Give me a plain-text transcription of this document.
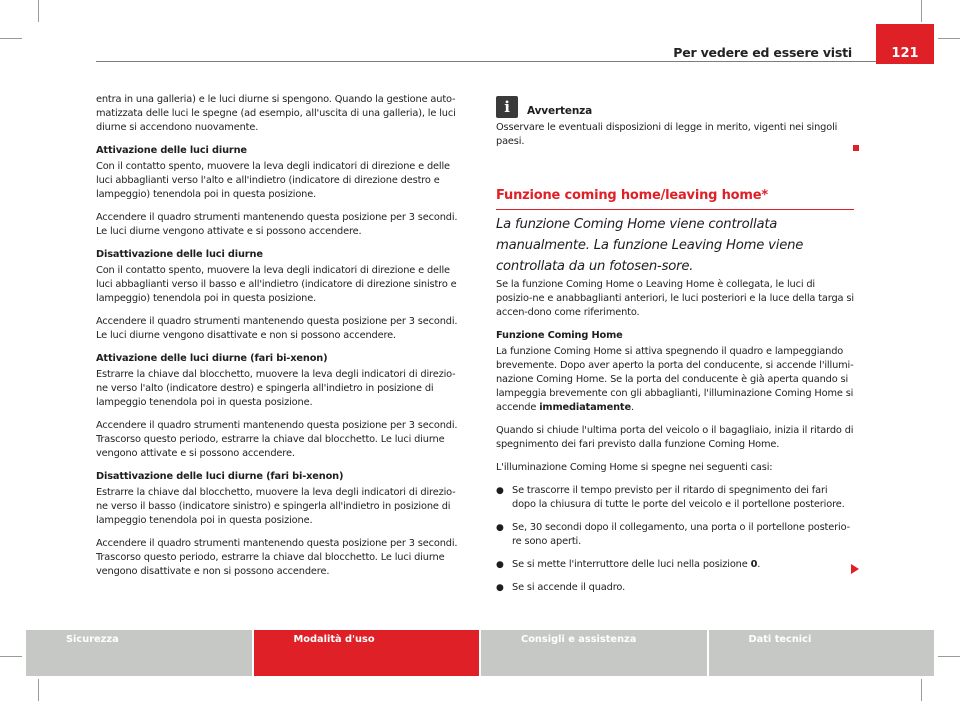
Per vedere ed essere visti	121

entra in una galleria) e le luci diurne si spengono. Quando la gestione auto-matizzata delle luci le spegne (ad esempio, all'uscita di una galleria), le luci diurne si accendono nuovamente.

Attivazione delle luci diurne

Con il contatto spento, muovere la leva degli indicatori di direzione e delle luci abbaglianti verso l'alto e all'indietro (indicatore di direzione destro e lampeggio) tenendola poi in questa posizione.

Accendere il quadro strumenti mantenendo questa posizione per 3 secondi. Le luci diurne vengono attivate e si possono accendere.

Disattivazione delle luci diurne

Con il contatto spento, muovere la leva degli indicatori di direzione e delle luci abbaglianti verso il basso e all'indietro (indicatore di direzione sinistro e lampeggio) tenendola poi in questa posizione.

Accendere il quadro strumenti mantenendo questa posizione per 3 secondi. Le luci diurne vengono disattivate e non si possono accendere.

Attivazione delle luci diurne (fari bi-xenon)

Estrarre la chiave dal blocchetto, muovere la leva degli indicatori di direzio-ne verso l'alto (indicatore destro) e spingerla all'indietro in posizione di lampeggio tenendola poi in questa posizione.

Accendere il quadro strumenti mantenendo questa posizione per 3 secondi. Trascorso questo periodo, estrarre la chiave dal blocchetto. Le luci diurne vengono attivate e si possono accendere.

Disattivazione delle luci diurne (fari bi-xenon)

Estrarre la chiave dal blocchetto, muovere la leva degli indicatori di direzio-ne verso il basso (indicatore sinistro) e spingerla all'indietro in posizione di lampeggio tenendola poi in questa posizione.

Accendere il quadro strumenti mantenendo questa posizione per 3 secondi. Trascorso questo periodo, estrarre la chiave dal blocchetto. Le luci diurne vengono disattivate e non si possono accendere.

i	Avvertenza

Osservare le eventuali disposizioni di legge in merito, vigenti nei singoli paesi.

Funzione coming home/leaving home*
La funzione Coming Home viene controllata manualmente. La funzione Leaving Home viene controllata da un fotosen-sore.

Se la funzione Coming Home o Leaving Home è collegata, le luci di posizio-ne e anabbaglianti anteriori, le luci posteriori e la luce della targa si accen-dono come riferimento.

Funzione Coming Home

La funzione Coming Home si attiva spegnendo il quadro e lampeggiando brevemente. Dopo aver aperto la porta del conducente, si accende l'illumi-nazione Coming Home. Se la porta del conducente è già aperta quando si lampeggia brevemente con gli abbaglianti, l'illuminazione Coming Home si accende immediatamente.

Quando si chiude l'ultima porta del veicolo o il bagagliaio, inizia il ritardo di spegnimento dei fari previsto dalla funzione Coming Home.

L'illuminazione Coming Home si spegne nei seguenti casi:

● Se trascorre il tempo previsto per il ritardo di spegnimento dei fari dopo la chiusura di tutte le porte del veicolo e il portellone posteriore.
● Se, 30 secondi dopo il collegamento, una porta o il portellone posterio-re sono aperti.
● Se si mette l'interruttore delle luci nella posizione 0.
● Se si accende il quadro.
Sicurezza	Modalità d'uso	Consigli e assistenza	Dati tecnici
